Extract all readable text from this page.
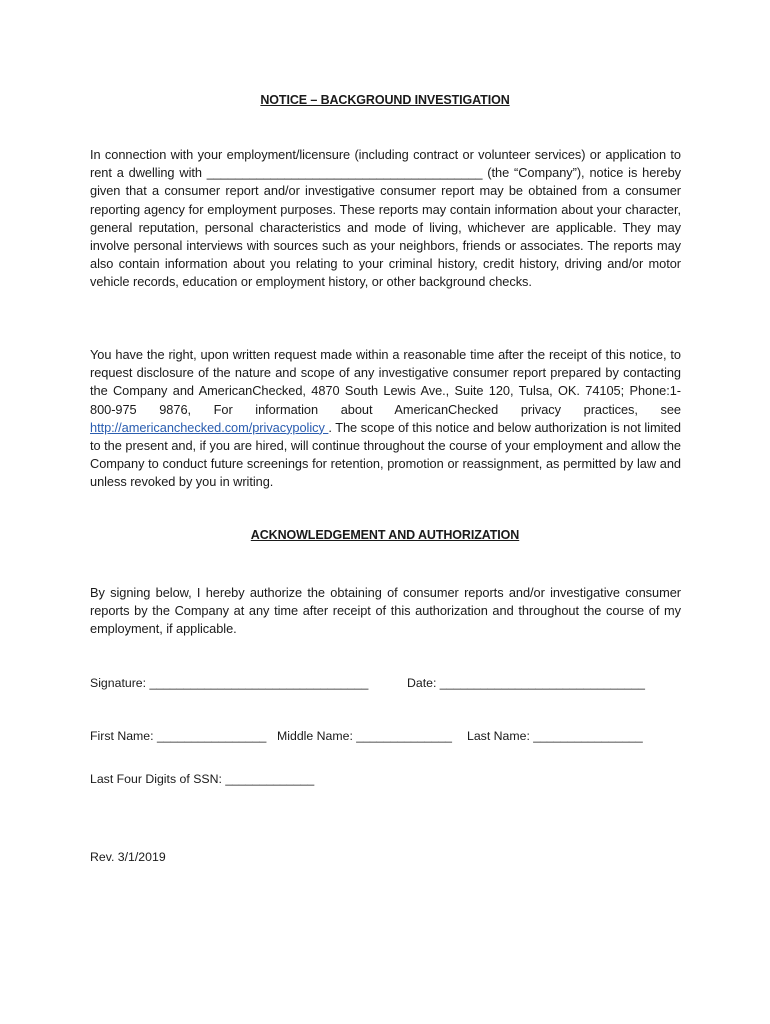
NOTICE – BACKGROUND INVESTIGATION
In connection with your employment/licensure (including contract or volunteer services) or application to rent a dwelling with _______________________________________ (the “Company”), notice is hereby given that a consumer report and/or investigative consumer report may be obtained from a consumer reporting agency for employment purposes. These reports may contain information about your character, general reputation, personal characteristics and mode of living, whichever are applicable. They may involve personal interviews with sources such as your neighbors, friends or associates. The reports may also contain information about you relating to your criminal history, credit history, driving and/or motor vehicle records, education or employment history, or other background checks.
You have the right, upon written request made within a reasonable time after the receipt of this notice, to request disclosure of the nature and scope of any investigative consumer report prepared by contacting the Company and AmericanChecked, 4870 South Lewis Ave., Suite 120, Tulsa, OK. 74105; Phone:1- 800-975 9876, For information about AmericanChecked privacy practices, see http://americanchecked.com/privacypolicy . The scope of this notice and below authorization is not limited to the present and, if you are hired, will continue throughout the course of your employment and allow the Company to conduct future screenings for retention, promotion or reassignment, as permitted by law and unless revoked by you in writing.
ACKNOWLEDGEMENT AND AUTHORIZATION
By signing below, I hereby authorize the obtaining of consumer reports and/or investigative consumer reports by the Company at any time after receipt of this authorization and throughout the course of my employment, if applicable.
Signature: ________________________________	Date: ______________________________
First Name: ________________ Middle Name: ______________ Last Name: ________________
Last Four Digits of SSN: _____________
Rev. 3/1/2019
